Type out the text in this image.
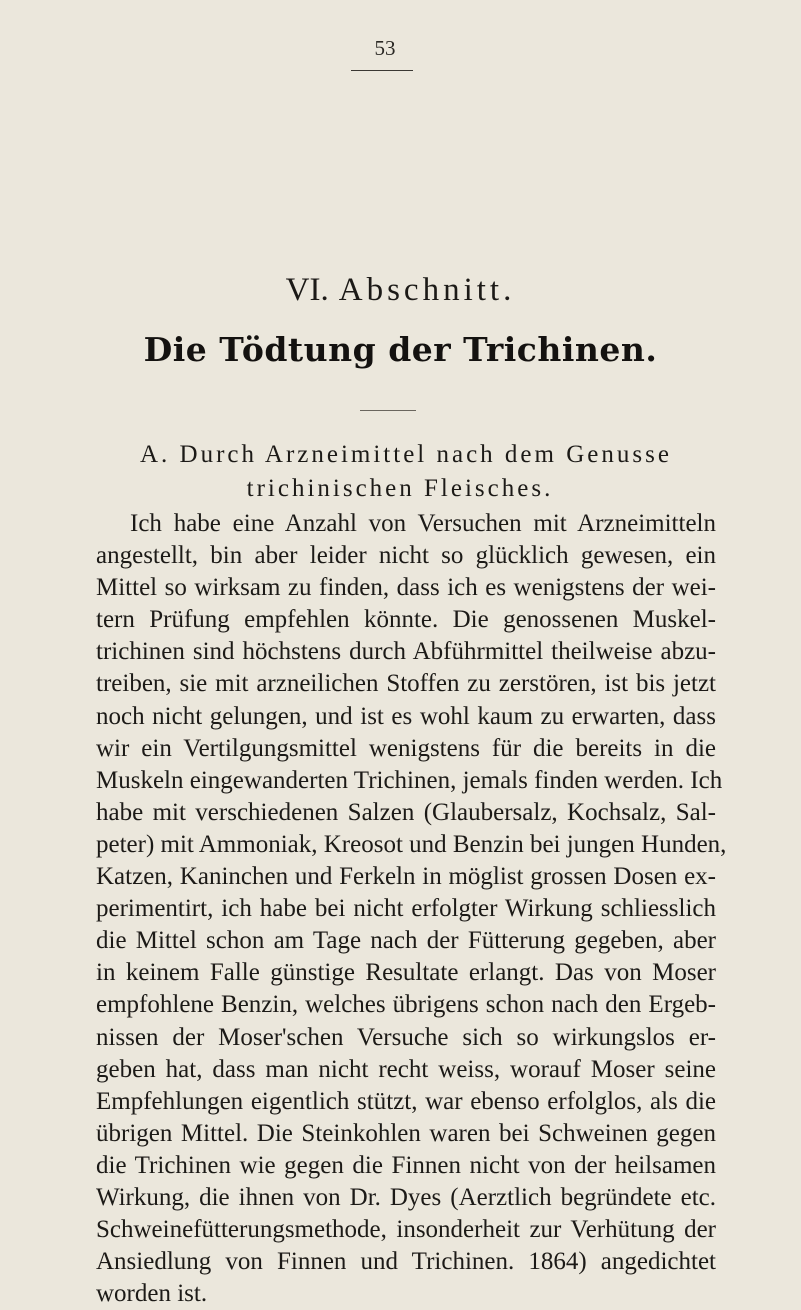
53
VI. Abschnitt.
Die Tödtung der Trichinen.
A. Durch Arzneimittel nach dem Genusse
trichinischen Fleisches.
Ich habe eine Anzahl von Versuchen mit Arzneimitteln
angestellt, bin aber leider nicht so glücklich gewesen, ein
Mittel so wirksam zu finden, dass ich es wenigstens der wei-
tern Prüfung empfehlen könnte. Die genossenen Muskel-
trichinen sind höchstens durch Abführmittel theilweise abzu-
treiben, sie mit arzneilichen Stoffen zu zerstören, ist bis jetzt
noch nicht gelungen, und ist es wohl kaum zu erwarten, dass
wir ein Vertilgungsmittel wenigstens für die bereits in die
Muskeln eingewanderten Trichinen, jemals finden werden. Ich
habe mit verschiedenen Salzen (Glaubersalz, Kochsalz, Sal-
peter) mit Ammoniak, Kreosot und Benzin bei jungen Hunden,
Katzen, Kaninchen und Ferkeln in möglist grossen Dosen ex-
perimentirt, ich habe bei nicht erfolgter Wirkung schliesslich
die Mittel schon am Tage nach der Fütterung gegeben, aber
in keinem Falle günstige Resultate erlangt. Das von Moser
empfohlene Benzin, welches übrigens schon nach den Ergeb-
nissen der Moser'schen Versuche sich so wirkungslos er-
geben hat, dass man nicht recht weiss, worauf Moser seine
Empfehlungen eigentlich stützt, war ebenso erfolglos, als die
übrigen Mittel. Die Steinkohlen waren bei Schweinen gegen
die Trichinen wie gegen die Finnen nicht von der heilsamen
Wirkung, die ihnen von Dr. Dyes (Aerztlich begründete etc.
Schweinefütterungsmethode, insonderheit zur Verhütung der
Ansiedlung von Finnen und Trichinen. 1864) angedichtet
worden ist.
